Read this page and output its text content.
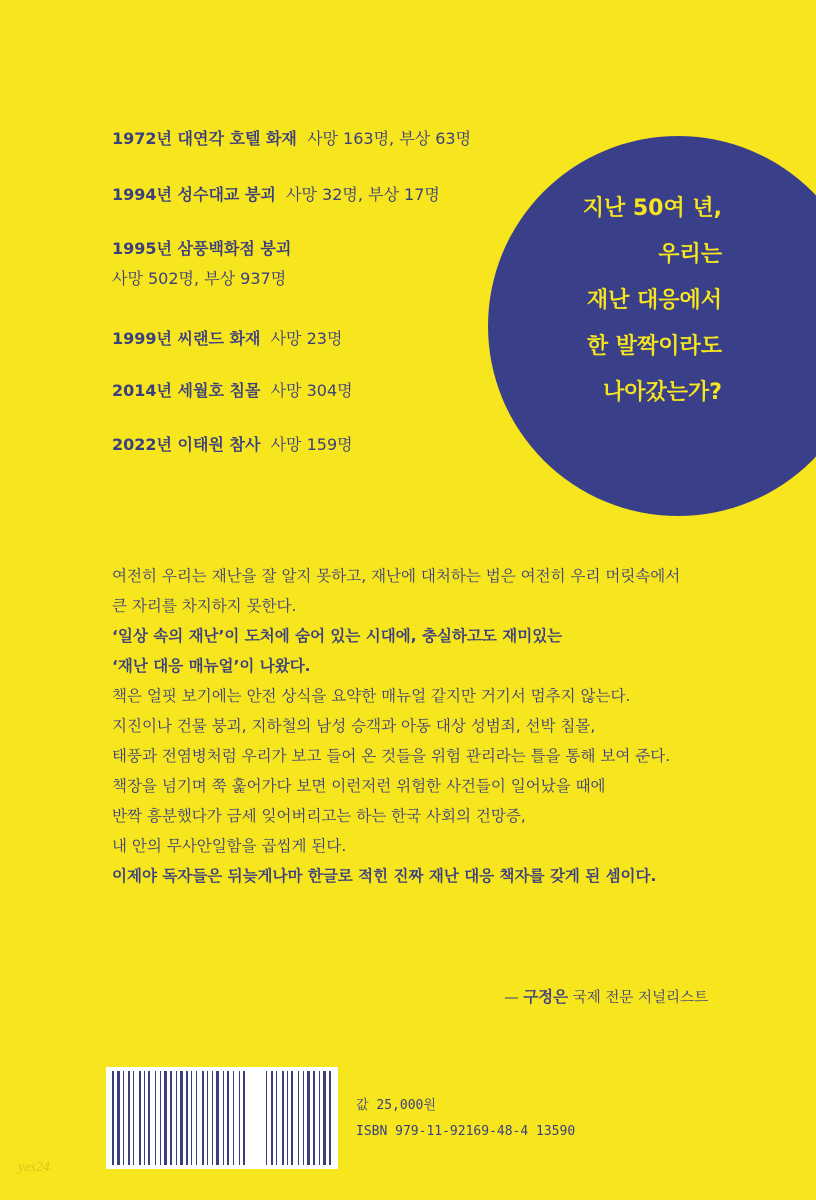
1972년 대연각 호텔 화재 사망 163명, 부상 63명

1994년 성수대교 붕괴 사망 32명, 부상 17명

1995년 삼풍백화점 붕괴

사망 502명, 부상 937명

1999년 씨랜드 화재 사망 23명

2014년 세월호 침몰 사망 304명

2022년 이태원 참사 사망 159명

지난 50여 년,
우리는
재난 대응에서
한 발짝이라도
나아갔는가?

여전히 우리는 재난을 잘 알지 못하고, 재난에 대처하는 법은 여전히 우리 머릿속에서

큰 자리를 차지하지 못한다.

‘일상 속의 재난’이 도처에 숨어 있는 시대에, 충실하고도 재미있는

‘재난 대응 매뉴얼’이 나왔다.

책은 얼핏 보기에는 안전 상식을 요약한 매뉴얼 같지만 거기서 멈추지 않는다.

지진이나 건물 붕괴, 지하철의 남성 승객과 아동 대상 성범죄, 선박 침몰,

태풍과 전염병처럼 우리가 보고 들어 온 것들을 위험 관리라는 틀을 통해 보여 준다.

책장을 넘기며 쭉 훑어가다 보면 이런저런 위험한 사건들이 일어났을 때에

반짝 흥분했다가 금세 잊어버리고는 하는 한국 사회의 건망증,

내 안의 무사안일함을 곱씹게 된다.

이제야 독자들은 뒤늦게나마 한글로 적힌 진짜 재난 대응 책자를 갖게 된 셈이다.

— 구정은 국제 전문 저널리스트
값 25,000원
ISBN 979-11-92169-48-4 13590
yes24
